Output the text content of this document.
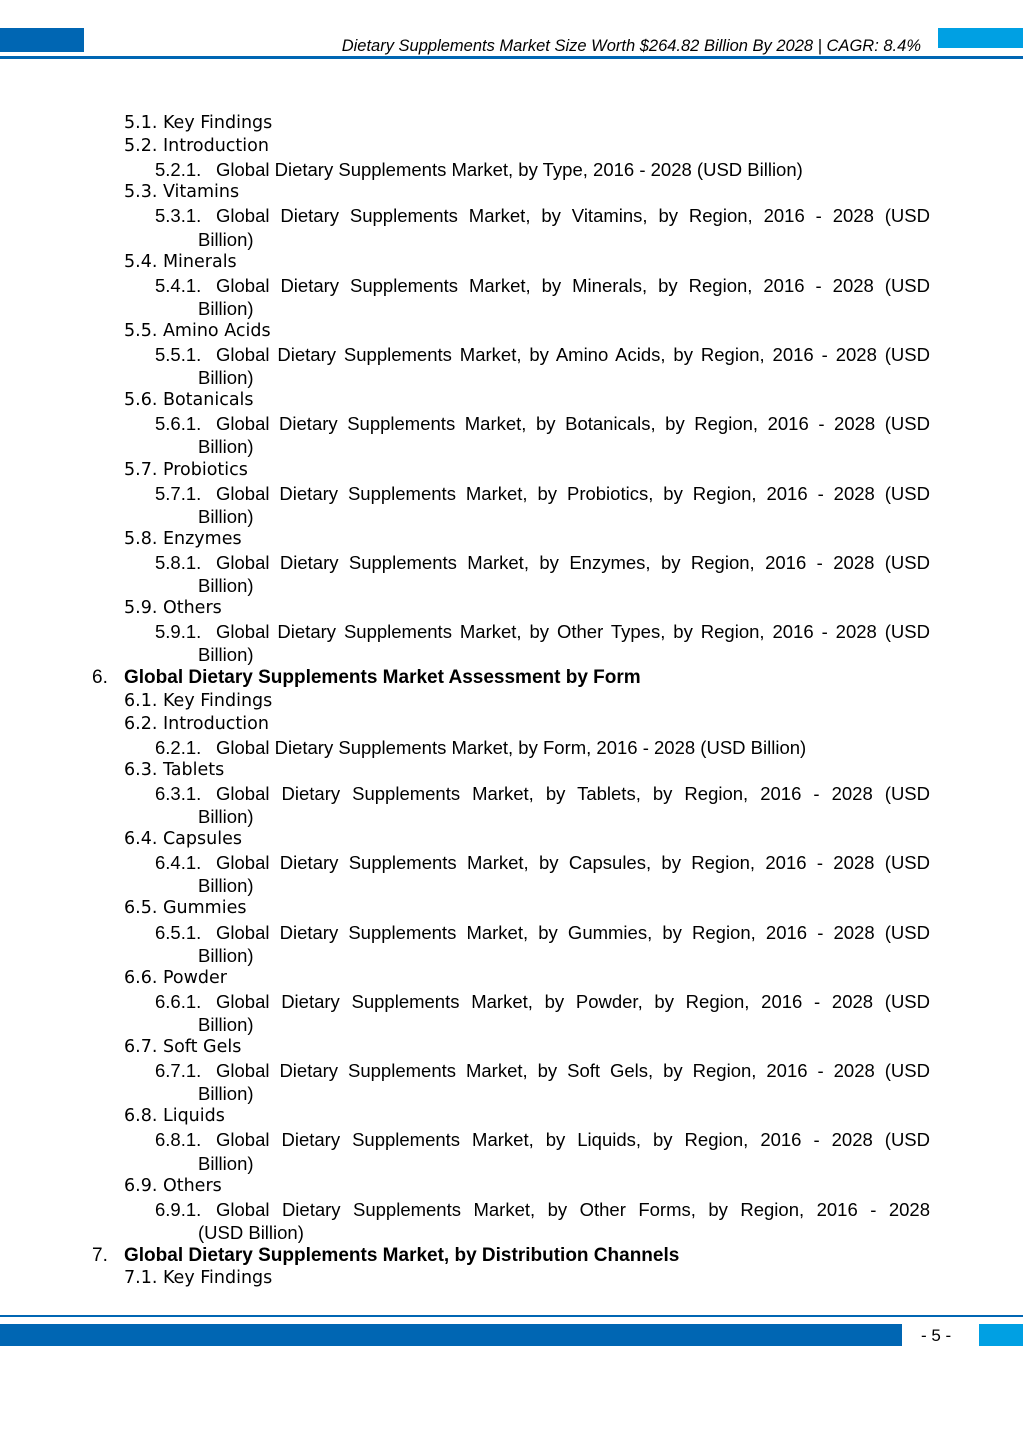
Dietary Supplements Market Size Worth $264.82 Billion By 2028 | CAGR: 8.4%
5.1. Key Findings
5.2. Introduction
5.2.1. Global Dietary Supplements Market, by Type, 2016 - 2028 (USD Billion)
5.3. Vitamins
5.3.1. Global Dietary Supplements Market, by Vitamins, by Region, 2016 - 2028 (USD
Billion)
5.4. Minerals
5.4.1. Global Dietary Supplements Market, by Minerals, by Region, 2016 - 2028 (USD
Billion)
5.5. Amino Acids
5.5.1. Global Dietary Supplements Market, by Amino Acids, by Region, 2016 - 2028 (USD
Billion)
5.6. Botanicals
5.6.1. Global Dietary Supplements Market, by Botanicals, by Region, 2016 - 2028 (USD
Billion)
5.7. Probiotics
5.7.1. Global Dietary Supplements Market, by Probiotics, by Region, 2016 - 2028 (USD
Billion)
5.8. Enzymes
5.8.1. Global Dietary Supplements Market, by Enzymes, by Region, 2016 - 2028 (USD
Billion)
5.9. Others
5.9.1. Global Dietary Supplements Market, by Other Types, by Region, 2016 - 2028 (USD
Billion)
6. Global Dietary Supplements Market Assessment by Form
6.1. Key Findings
6.2. Introduction
6.2.1. Global Dietary Supplements Market, by Form, 2016 - 2028 (USD Billion)
6.3. Tablets
6.3.1. Global Dietary Supplements Market, by Tablets, by Region, 2016 - 2028 (USD
Billion)
6.4. Capsules
6.4.1. Global Dietary Supplements Market, by Capsules, by Region, 2016 - 2028 (USD
Billion)
6.5. Gummies
6.5.1. Global Dietary Supplements Market, by Gummies, by Region, 2016 - 2028 (USD
Billion)
6.6. Powder
6.6.1. Global Dietary Supplements Market, by Powder, by Region, 2016 - 2028 (USD
Billion)
6.7. Soft Gels
6.7.1. Global Dietary Supplements Market, by Soft Gels, by Region, 2016 - 2028 (USD
Billion)
6.8. Liquids
6.8.1. Global Dietary Supplements Market, by Liquids, by Region, 2016 - 2028 (USD
Billion)
6.9. Others
6.9.1. Global Dietary Supplements Market, by Other Forms, by Region, 2016 - 2028
(USD Billion)
7. Global Dietary Supplements Market, by Distribution Channels
7.1. Key Findings
- 5 -
